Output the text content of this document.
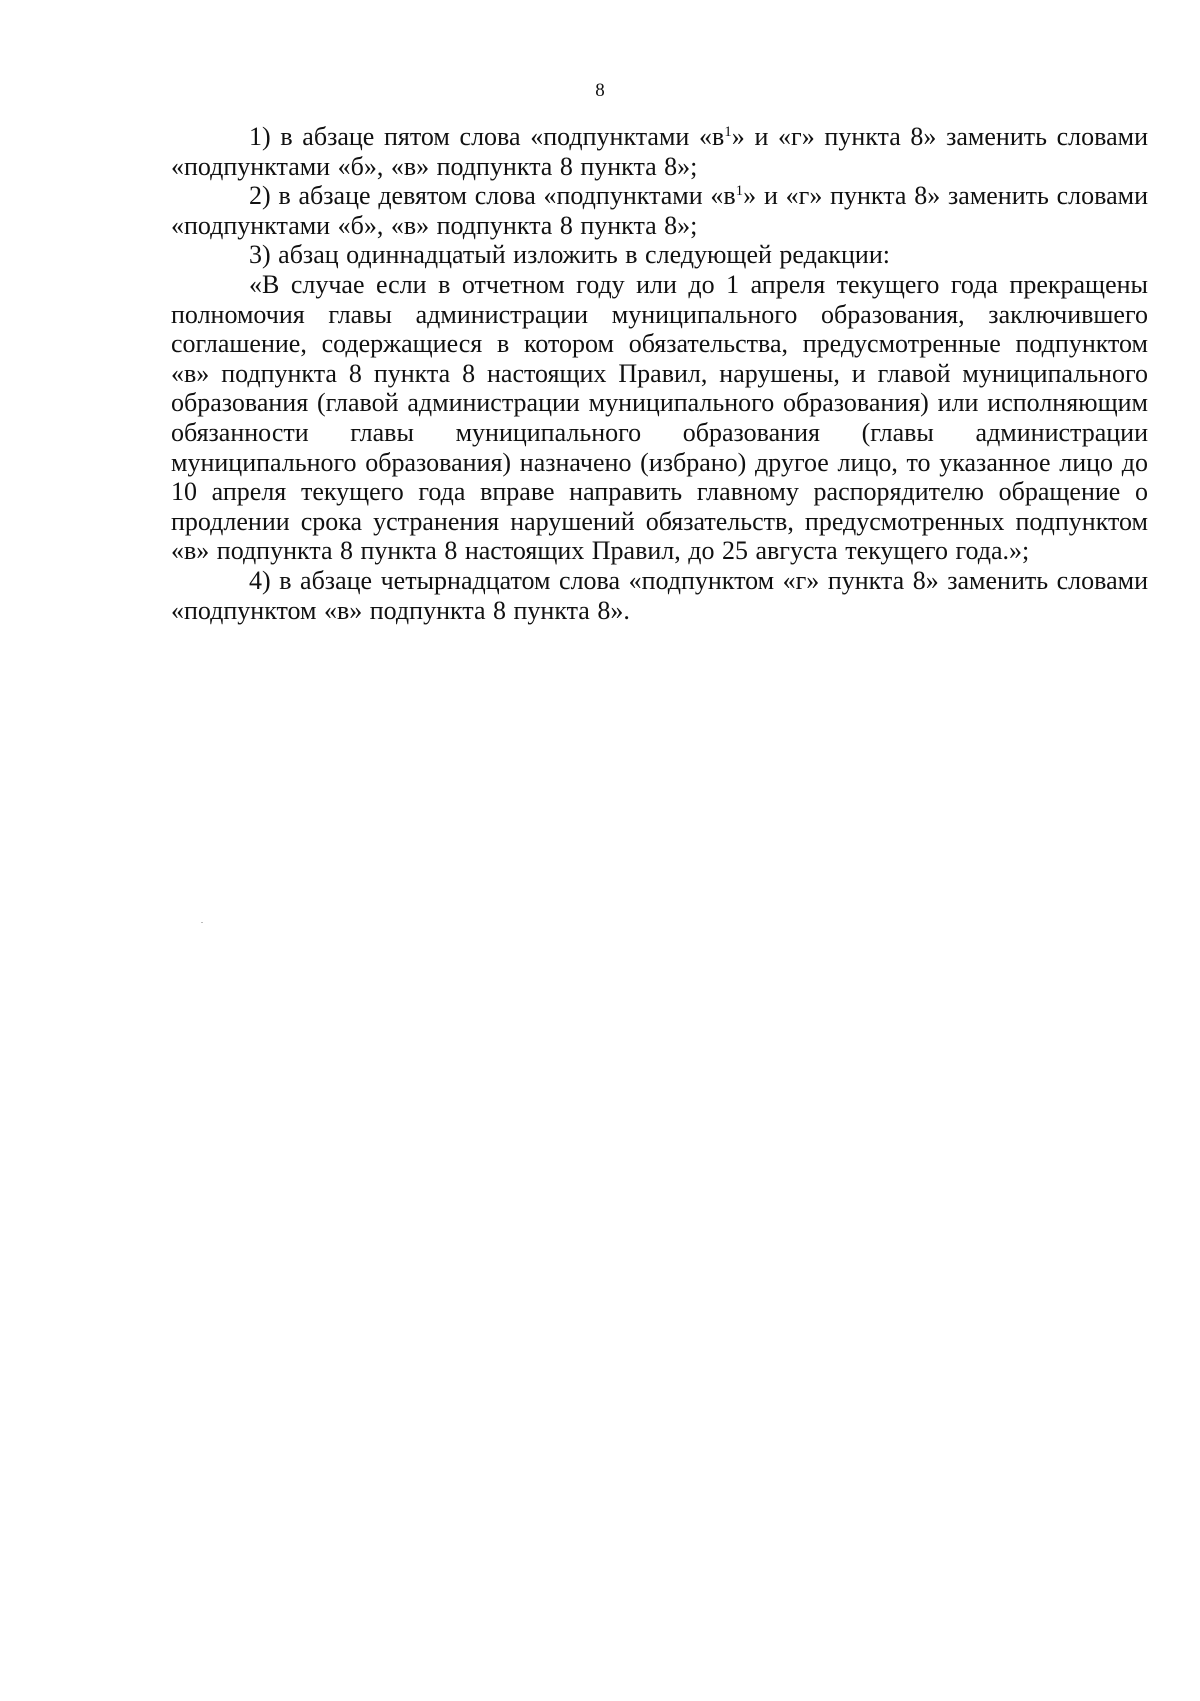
8

1) в абзаце пятом слова «подпунктами «$в^1$» и «г» пункта 8» заменить словами «подпунктами «б», «в» подпункта 8 пункта 8»;

2) в абзаце девятом слова «подпунктами «$в^1$» и «г» пункта 8» заменить словами «подпунктами «б», «в» подпункта 8 пункта 8»;

3) абзац одиннадцатый изложить в следующей редакции:

«В случае если в отчетном году или до 1 апреля текущего года прекращены полномочия главы администрации муниципального образования, заключившего соглашение, содержащиеся в котором обязательства, предусмотренные подпунктом «в» подпункта 8 пункта 8 настоящих Правил, нарушены, и главой муниципального образования (главой администрации муниципального образования) или исполняющим обязанности главы муниципального образования (главы администрации муниципального образования) назначено (избрано) другое лицо, то указанное лицо до 10 апреля текущего года вправе направить главному распорядителю обращение о продлении срока устранения нарушений обязательств, предусмотренных подпунктом «в» подпункта 8 пункта 8 настоящих Правил, до 25 августа текущего года.»;

4) в абзаце четырнадцатом слова «подпунктом «г» пункта 8» заменить словами «подпунктом «в» подпункта 8 пункта 8».
